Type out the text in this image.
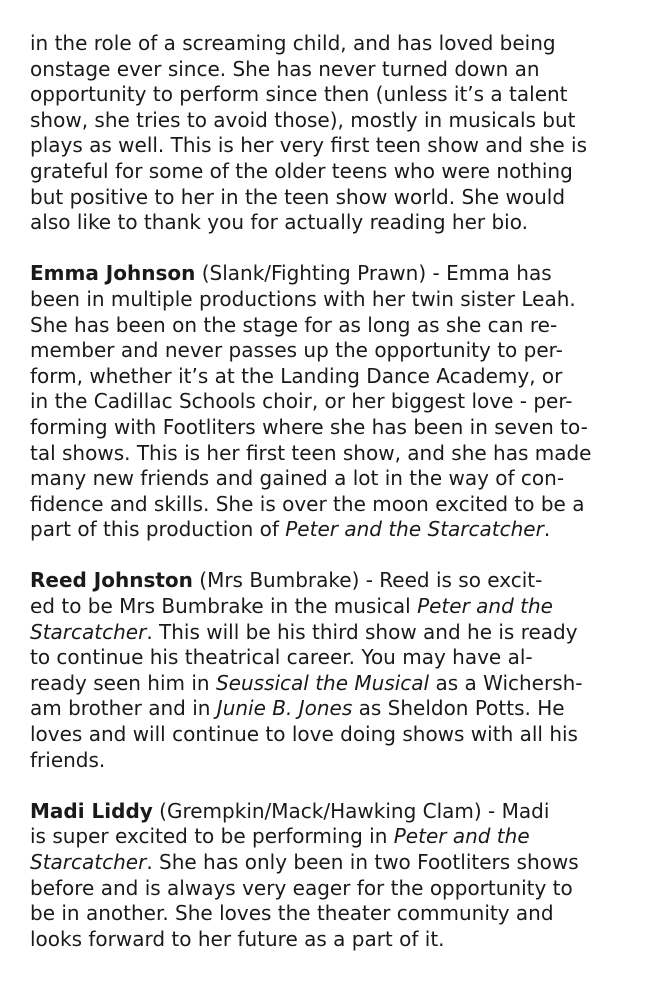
in the role of a screaming child, and has loved being
onstage ever since. She has never turned down an
opportunity to perform since then (unless it’s a talent
show, she tries to avoid those), mostly in musicals but
plays as well. This is her very first teen show and she is
grateful for some of the older teens who were nothing
but positive to her in the teen show world. She would
also like to thank you for actually reading her bio.
Emma Johnson (Slank/Fighting Prawn) - Emma has
been in multiple productions with her twin sister Leah.
She has been on the stage for as long as she can re-
member and never passes up the opportunity to per-
form, whether it’s at the Landing Dance Academy, or
in the Cadillac Schools choir, or her biggest love - per-
forming with Footliters where she has been in seven to-
tal shows. This is her first teen show, and she has made
many new friends and gained a lot in the way of con-
fidence and skills. She is over the moon excited to be a
part of this production of Peter and the Starcatcher.
Reed Johnston (Mrs Bumbrake) - Reed is so excit-
ed to be Mrs Bumbrake in the musical Peter and the
Starcatcher. This will be his third show and he is ready
to continue his theatrical career. You may have al-
ready seen him in Seussical the Musical as a Wichersh-
am brother and in Junie B. Jones as Sheldon Potts. He
loves and will continue to love doing shows with all his
friends.
Madi Liddy (Grempkin/Mack/Hawking Clam) - Madi
is super excited to be performing in Peter and the
Starcatcher. She has only been in two Footliters shows
before and is always very eager for the opportunity to
be in another. She loves the theater community and
looks forward to her future as a part of it.
